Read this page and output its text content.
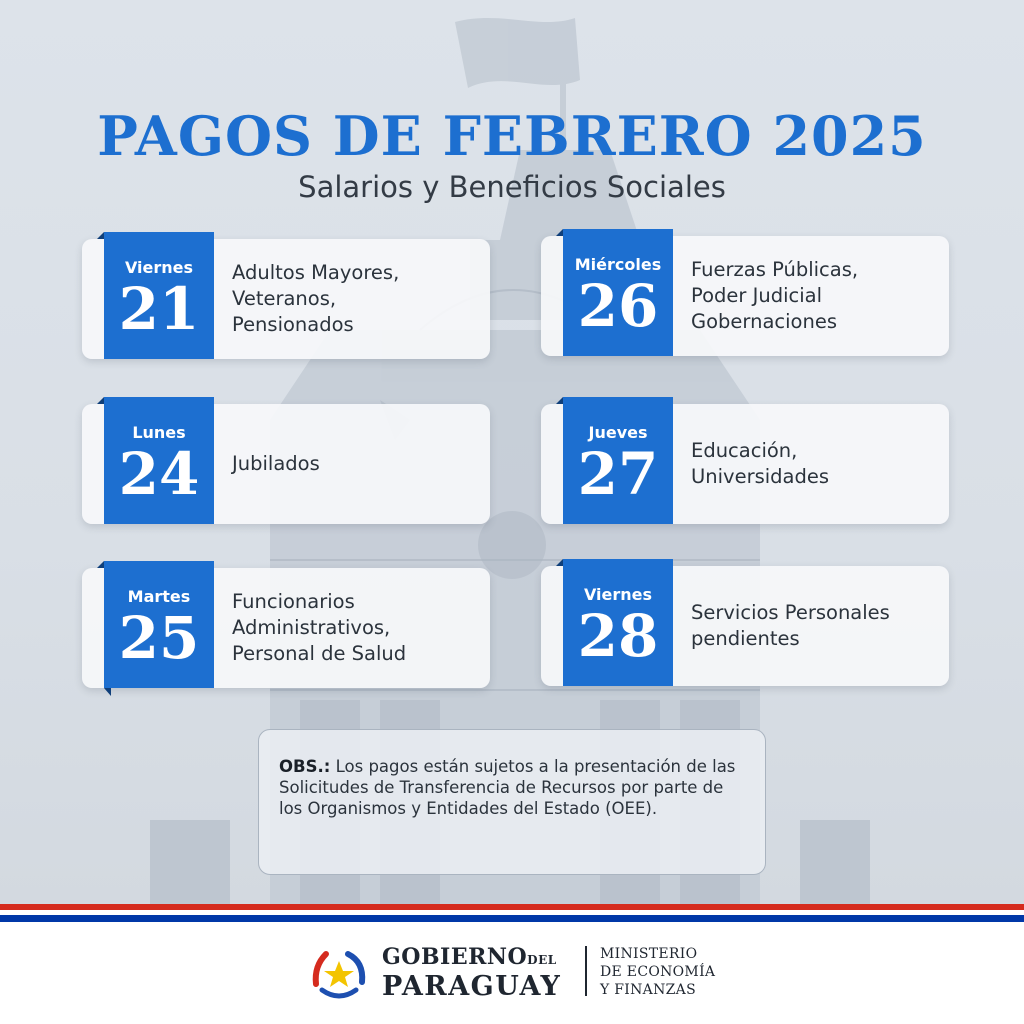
PAGOS DE FEBRERO 2025

Salarios y Beneficios Sociales

Viernes
21
Adultos Mayores,
Veteranos,
Pensionados
Miércoles
26
Fuerzas Públicas,
Poder Judicial
Gobernaciones
Lunes
24	Jubilados
Jueves
27	Educación,
Universidades
Martes
25
Funcionarios
Administrativos,
Personal de Salud
Viernes
28	Servicios Personales
pendientes

OBS.: Los pagos están sujetos a la presentación de las Solicitudes de Transferencia de Recursos por parte de los Organismos y Entidades del Estado (OEE).

GOBIERNODEL
PARAGUAY
MINISTERIO
DE ECONOMÍA
Y FINANZAS
